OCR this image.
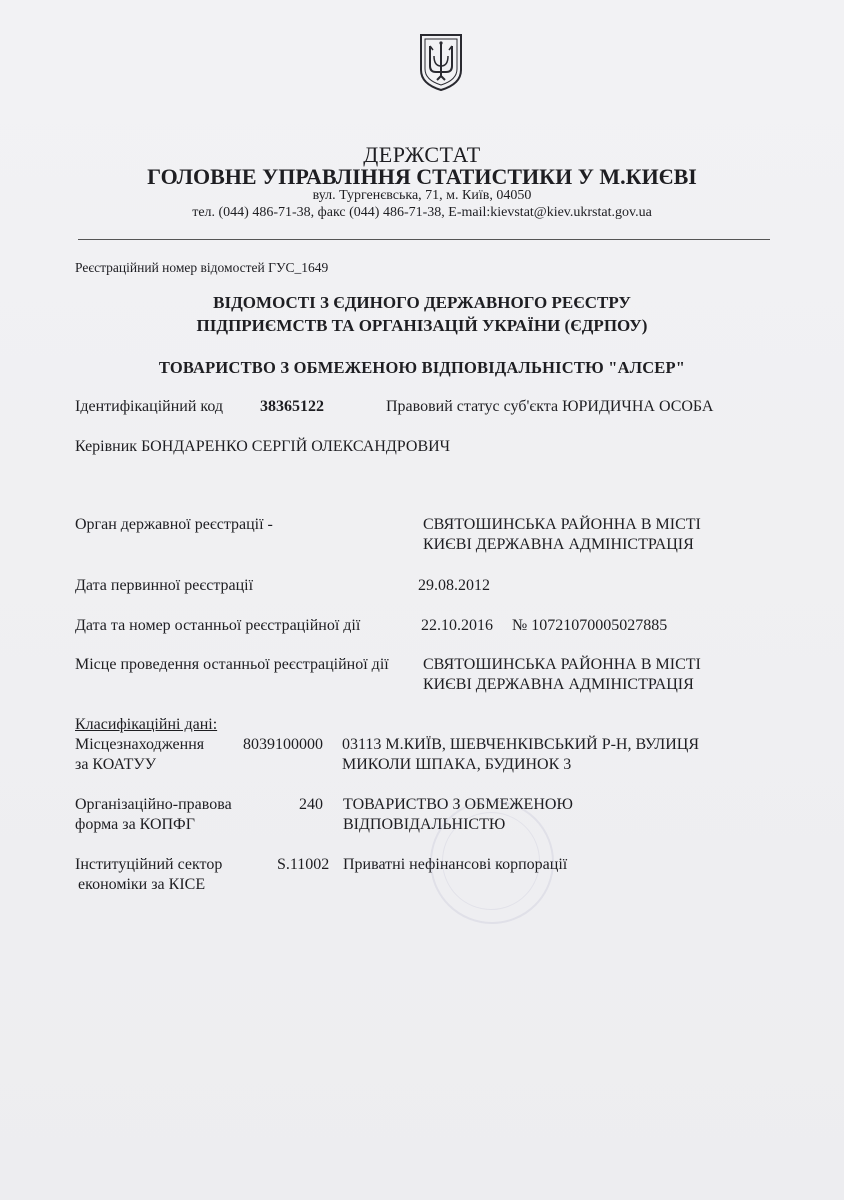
ДЕРЖСТАТ
ГОЛОВНЕ УПРАВЛІННЯ СТАТИСТИКИ У М.КИЄВІ
вул. Тургенєвська, 71, м. Київ, 04050
тел. (044) 486-71-38, факс (044) 486-71-38, E-mail:kievstat@kiev.ukrstat.gov.ua
Реєстраційний номер відомостей ГУС_1649
ВІДОМОСТІ З ЄДИНОГО ДЕРЖАВНОГО РЕЄСТРУ
ПІДПРИЄМСТВ ТА ОРГАНІЗАЦІЙ УКРАЇНИ (ЄДРПОУ)
ТОВАРИСТВО З ОБМЕЖЕНОЮ ВІДПОВІДАЛЬНІСТЮ "АЛСЕР"
Ідентифікаційний код 38365122	Правовий статус суб'єкта ЮРИДИЧНА ОСОБА
Керівник БОНДАРЕНКО СЕРГІЙ ОЛЕКСАНДРОВИЧ
Орган державної реєстрації -	СВЯТОШИНСЬКА РАЙОННА В МІСТІ
КИЄВІ ДЕРЖАВНА АДМІНІСТРАЦІЯ
Дата первинної реєстрації	29.08.2012
Дата та номер останньої реєстраційної дії	22.10.2016 № 10721070005027885
Місце проведення останньої реєстраційної дії СВЯТОШИНСЬКА РАЙОННА В МІСТІ
КИЄВІ ДЕРЖАВНА АДМІНІСТРАЦІЯ
Класифікаційні дані:
Місцезнаходження
за КОАТУУ
8039100000 03113 М.КИЇВ, ШЕВЧЕНКІВСЬКИЙ Р-Н, ВУЛИЦЯ
МИКОЛИ ШПАКА, БУДИНОК 3
Організаційно-правова
форма за КОПФГ
240 ТОВАРИСТВО З ОБМЕЖЕНОЮ
ВІДПОВІДАЛЬНІСТЮ
Інституційний сектор
економіки за КІСЕ
S.11002 Приватні нефінансові корпорації
